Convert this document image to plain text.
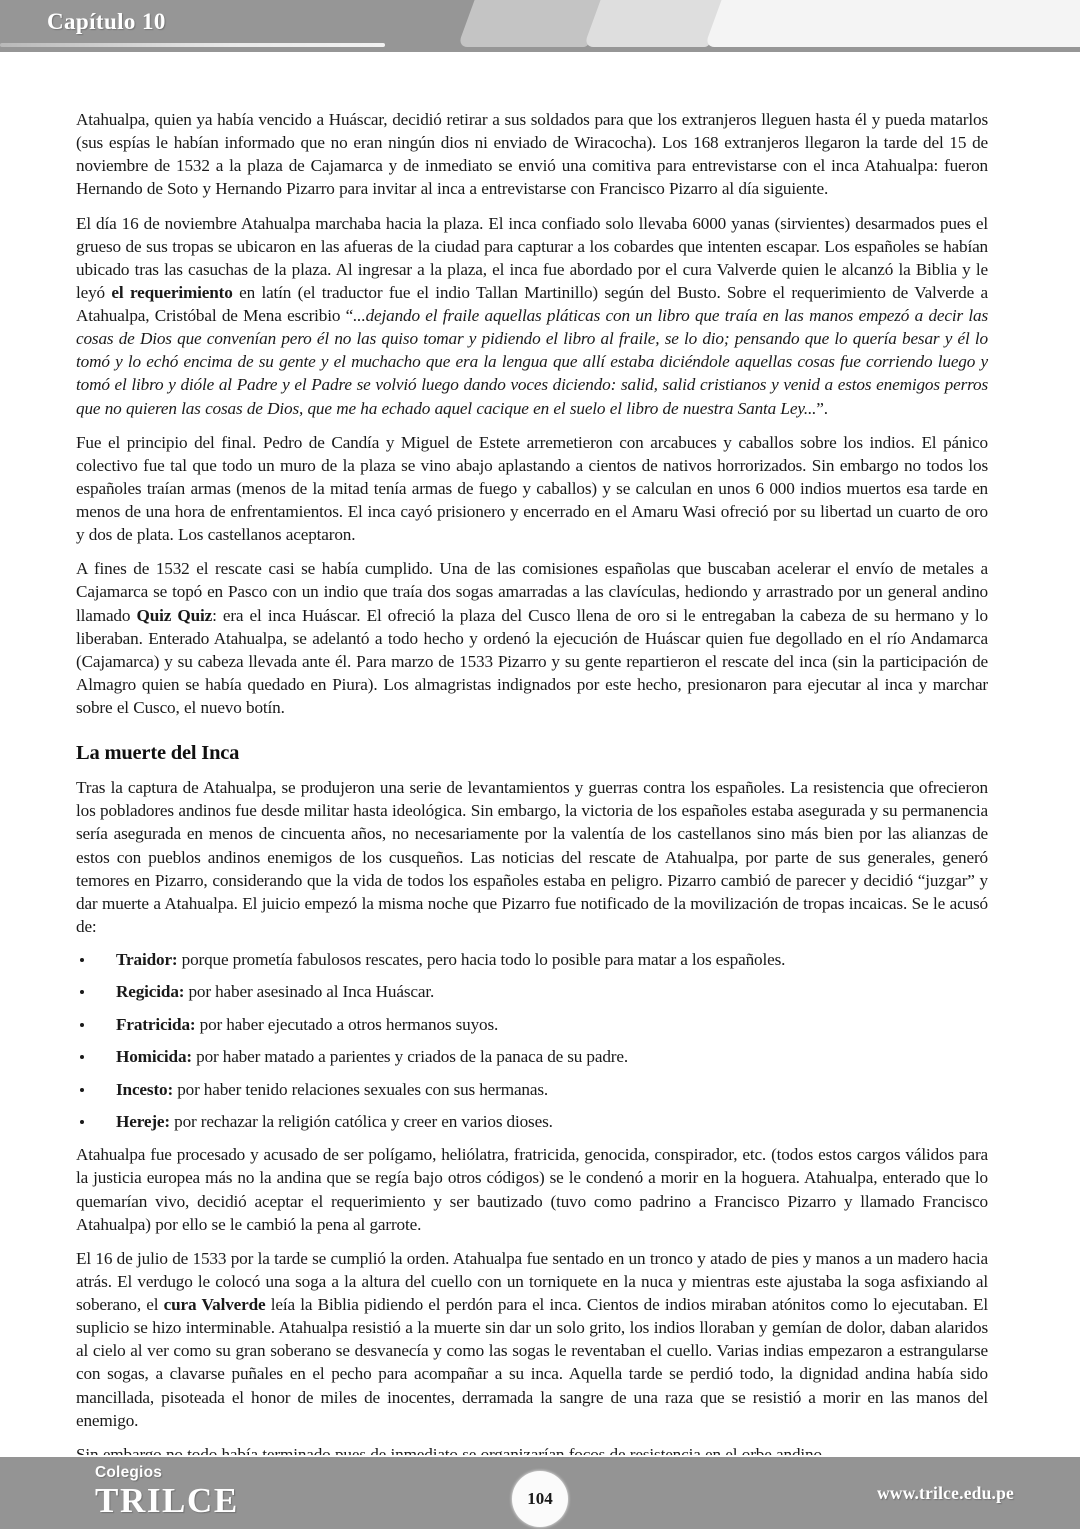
Capítulo 10

Atahualpa, quien ya había vencido a Huáscar, decidió retirar a sus soldados para que los extranjeros lleguen hasta él y pueda matarlos (sus espías le habían informado que no eran ningún dios ni enviado de Wiracocha). Los 168 extranjeros llegaron la tarde del 15 de noviembre de 1532 a la plaza de Cajamarca y de inmediato se envió una comitiva para entrevistarse con el inca Atahualpa: fueron Hernando de Soto y Hernando Pizarro para invitar al inca a entrevistarse con Francisco Pizarro al día siguiente.

El día 16 de noviembre Atahualpa marchaba hacia la plaza. El inca confiado solo llevaba 6000 yanas (sirvientes) desarmados pues el grueso de sus tropas se ubicaron en las afueras de la ciudad para capturar a los cobardes que intenten escapar. Los españoles se habían ubicado tras las casuchas de la plaza. Al ingresar a la plaza, el inca fue abordado por el cura Valverde quien le alcanzó la Biblia y le leyó el requerimiento en latín (el traductor fue el indio Tallan Martinillo) según del Busto. Sobre el requerimiento de Valverde a Atahualpa, Cristóbal de Mena escribio “...dejando el fraile aquellas pláticas con un libro que traía en las manos empezó a decir las cosas de Dios que convenían pero él no las quiso tomar y pidiendo el libro al fraile, se lo dio; pensando que lo quería besar y él lo tomó y lo echó encima de su gente y el muchacho que era la lengua que allí estaba diciéndole aquellas cosas fue corriendo luego y tomó el libro y dióle al Padre y el Padre se volvió luego dando voces diciendo: salid, salid cristianos y venid a estos enemigos perros que no quieren las cosas de Dios, que me ha echado aquel cacique en el suelo el libro de nuestra Santa Ley...”.

Fue el principio del final. Pedro de Candía y Miguel de Estete arremetieron con arcabuces y caballos sobre los indios. El pánico colectivo fue tal que todo un muro de la plaza se vino abajo aplastando a cientos de nativos horrorizados. Sin embargo no todos los españoles traían armas (menos de la mitad tenía armas de fuego y caballos) y se calculan en unos 6 000 indios muertos esa tarde en menos de una hora de enfrentamientos. El inca cayó prisionero y encerrado en el Amaru Wasi ofreció por su libertad un cuarto de oro y dos de plata. Los castellanos aceptaron.

A fines de 1532 el rescate casi se había cumplido. Una de las comisiones españolas que buscaban acelerar el envío de metales a Cajamarca se topó en Pasco con un indio que traía dos sogas amarradas a las clavículas, hediondo y arrastrado por un general andino llamado Quiz Quiz: era el inca Huáscar. El ofreció la plaza del Cusco llena de oro si le entregaban la cabeza de su hermano y lo liberaban. Enterado Atahualpa, se adelantó a todo hecho y ordenó la ejecución de Huáscar quien fue degollado en el río Andamarca (Cajamarca) y su cabeza llevada ante él. Para marzo de 1533 Pizarro y su gente repartieron el rescate del inca (sin la participación de Almagro quien se había quedado en Piura). Los almagristas indignados por este hecho, presionaron para ejecutar al inca y marchar sobre el Cusco, el nuevo botín.

La muerte del Inca

Tras la captura de Atahualpa, se produjeron una serie de levantamientos y guerras contra los españoles. La resistencia que ofrecieron los pobladores andinos fue desde militar hasta ideológica. Sin embargo, la victoria de los españoles estaba asegurada y su permanencia sería asegurada en menos de cincuenta años, no necesariamente por la valentía de los castellanos sino más bien por las alianzas de estos con pueblos andinos enemigos de los cusqueños. Las noticias del rescate de Atahualpa, por parte de sus generales, generó temores en Pizarro, considerando que la vida de todos los españoles estaba en peligro. Pizarro cambió de parecer y decidió “juzgar” y dar muerte a Atahualpa. El juicio empezó la misma noche que Pizarro fue notificado de la movilización de tropas incaicas. Se le acusó de:

Traidor: porque prometía fabulosos rescates, pero hacia todo lo posible para matar a los españoles.
Regicida: por haber asesinado al Inca Huáscar.
Fratricida: por haber ejecutado a otros hermanos suyos.
Homicida: por haber matado a parientes y criados de la panaca de su padre.
Incesto: por haber tenido relaciones sexuales con sus hermanas.
Hereje: por rechazar la religión católica y creer en varios dioses.

Atahualpa fue procesado y acusado de ser polígamo, heliólatra, fratricida, genocida, conspirador, etc. (todos estos cargos válidos para la justicia europea más no la andina que se regía bajo otros códigos) se le condenó a morir en la hoguera. Atahualpa, enterado que lo quemarían vivo, decidió aceptar el requerimiento y ser bautizado (tuvo como padrino a Francisco Pizarro y llamado Francisco Atahualpa) por ello se le cambió la pena al garrote.

El 16 de julio de 1533 por la tarde se cumplió la orden. Atahualpa fue sentado en un tronco y atado de pies y manos a un madero hacia atrás. El verdugo le colocó una soga a la altura del cuello con un torniquete en la nuca y mientras este ajustaba la soga asfixiando al soberano, el cura Valverde leía la Biblia pidiendo el perdón para el inca. Cientos de indios miraban atónitos como lo ejecutaban. El suplicio se hizo interminable. Atahualpa resistió a la muerte sin dar un solo grito, los indios lloraban y gemían de dolor, daban alaridos al cielo al ver como su gran soberano se desvanecía y como las sogas le reventaban el cuello. Varias indias empezaron a estrangularse con sogas, a clavarse puñales en el pecho para acompañar a su inca. Aquella tarde se perdió todo, la dignidad andina había sido mancillada, pisoteada el honor de miles de inocentes, derramada la sangre de una raza que se resistió a morir en las manos del enemigo.

Colegios
TRILCE	www.trilce.edu.pe
104
